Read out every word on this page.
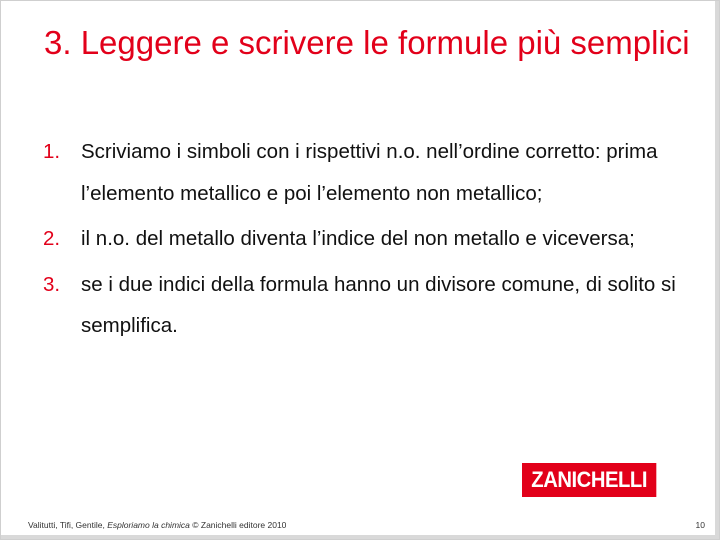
3. Leggere e scrivere le formule più semplici
1.	Scriviamo i simboli con i rispettivi n.o. nell’ordine corretto: prima l’elemento metallico e poi l’elemento non metallico;
2.	il n.o. del metallo diventa l’indice del non metallo e viceversa;
3.	se i due indici della formula hanno un divisore comune, di solito si semplifica.
ZANICHELLI
Valitutti, Tifi, Gentile, Esploriamo la chimica © Zanichelli editore 2010	10
